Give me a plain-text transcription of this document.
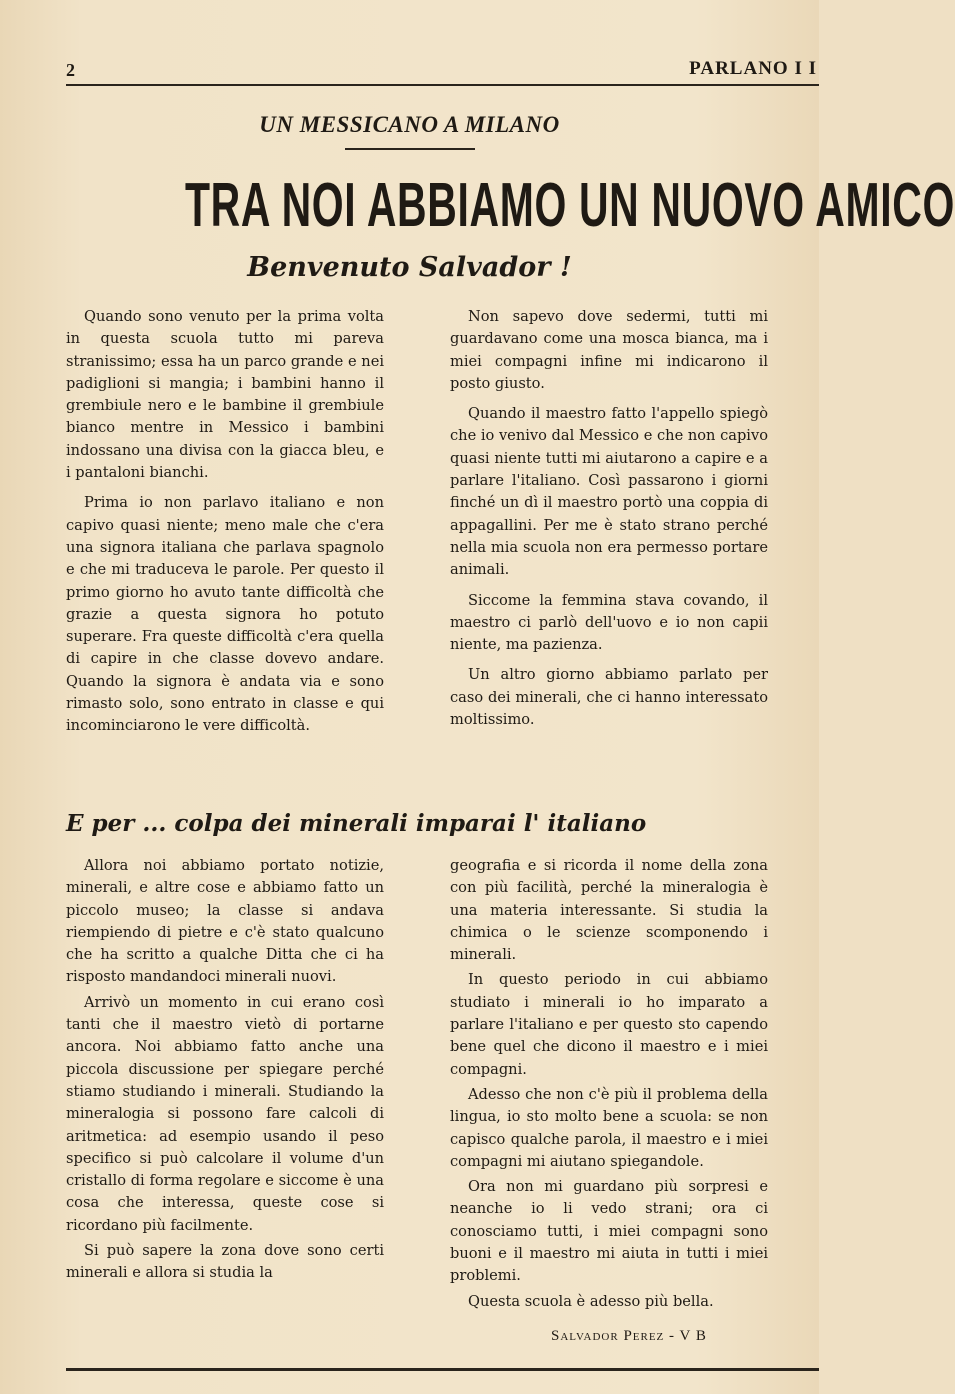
2	PARLANO I I
UN MESSICANO A MILANO
TRA NOI ABBIAMO UN NUOVO AMICO
Benvenuto Salvador !

Quando sono venuto per la prima volta in questa scuola tutto mi pareva stranissimo; essa ha un parco grande e nei padiglioni si mangia; i bambini hanno il grembiule nero e le bambine il grembiule bianco mentre in Messico i bambini indossano una divisa con la giacca bleu, e i pantaloni bianchi.

Prima io non parlavo italiano e non capivo quasi niente; meno male che c'era una signora italiana che parlava spagnolo e che mi traduceva le parole. Per questo il primo giorno ho avuto tante difficoltà che grazie a questa signora ho potuto superare. Fra queste difficoltà c'era quella di capire in che classe dovevo andare. Quando la signora è andata via e sono rimasto solo, sono entrato in classe e qui incominciarono le vere difficoltà.

Non sapevo dove sedermi, tutti mi guardavano come una mosca bianca, ma i miei compagni infine mi indicarono il posto giusto.

Quando il maestro fatto l'appello spiegò che io venivo dal Messico e che non capivo quasi niente tutti mi aiutarono a capire e a parlare l'italiano. Così passarono i giorni finché un dì il maestro portò una coppia di appagallini. Per me è stato strano perché nella mia scuola non era permesso portare animali.

Siccome la femmina stava covando, il maestro ci parlò dell'uovo e io non capii niente, ma pazienza.

Un altro giorno abbiamo parlato per caso dei minerali, che ci hanno interessato moltissimo.

E per ... colpa dei minerali imparai l' italiano

Allora noi abbiamo portato notizie, minerali, e altre cose e abbiamo fatto un piccolo museo; la classe si andava riempiendo di pietre e c'è stato qualcuno che ha scritto a qualche Ditta che ci ha risposto mandandoci minerali nuovi.

Arrivò un momento in cui erano così tanti che il maestro vietò di portarne ancora. Noi abbiamo fatto anche una piccola discussione per spiegare perché stiamo studiando i minerali. Studiando la mineralogia si possono fare calcoli di aritmetica: ad esempio usando il peso specifico si può calcolare il volume d'un cristallo di forma regolare e siccome è una cosa che interessa, queste cose si ricordano più facilmente.

Si può sapere la zona dove sono certi minerali e allora si studia la

geografia e si ricorda il nome della zona con più facilità, perché la mineralogia è una materia interessante. Si studia la chimica o le scienze scomponendo i minerali.

In questo periodo in cui abbiamo studiato i minerali io ho imparato a parlare l'italiano e per questo sto capendo bene quel che dicono il maestro e i miei compagni.

Adesso che non c'è più il problema della lingua, io sto molto bene a scuola: se non capisco qualche parola, il maestro e i miei compagni mi aiutano spiegandole.

Ora non mi guardano più sorpresi e neanche io li vedo strani; ora ci conosciamo tutti, i miei compagni sono buoni e il maestro mi aiuta in tutti i miei problemi.

Questa scuola è adesso più bella.

Salvador Perez - V B
